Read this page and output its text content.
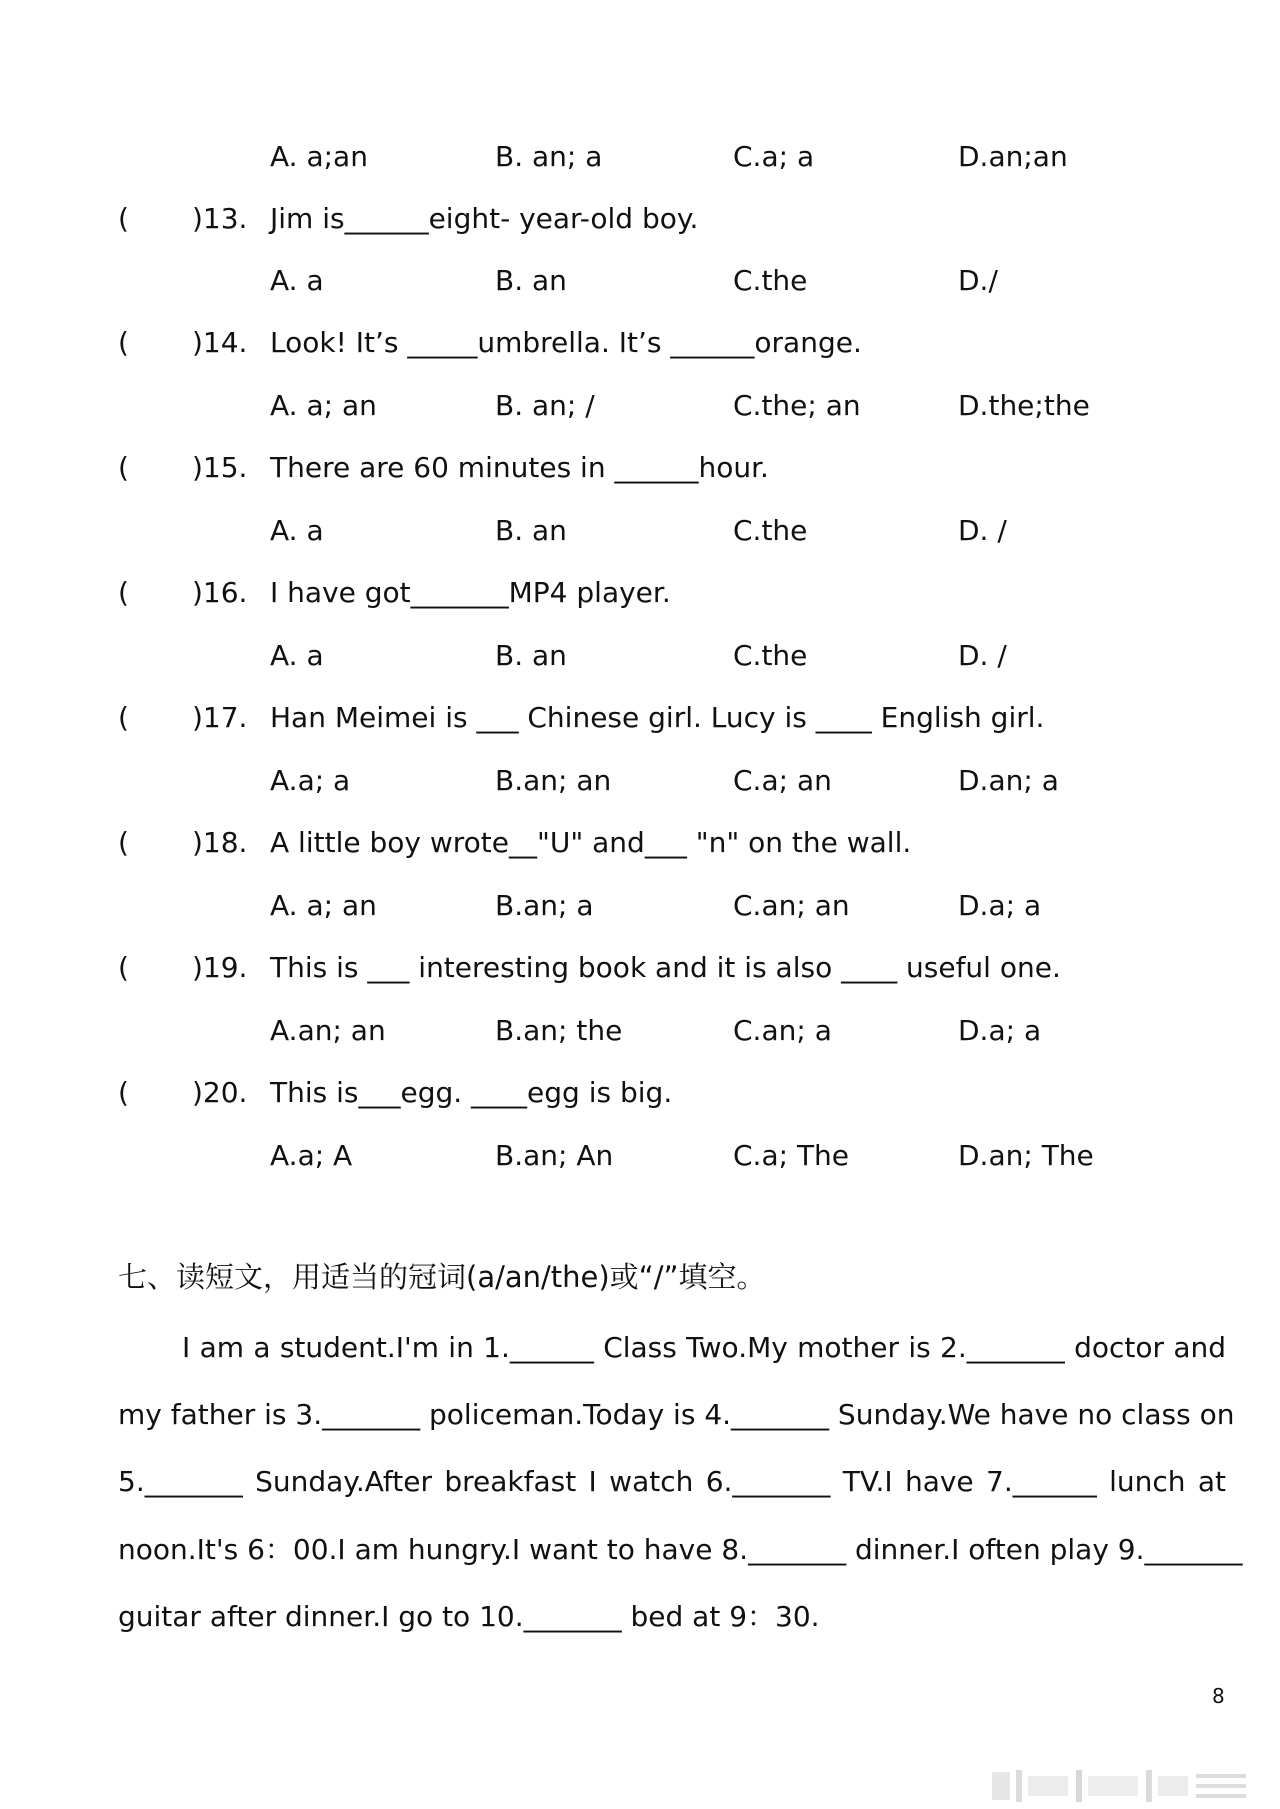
A. a;an	B. an; a	C.a; a	D.an;an
( )13. Jim is______eight- year-old boy.
A. a	B. an	C.the	D./
( )14. Look! It’s _____umbrella. It’s ______orange.
A. a; an	B. an; /	C.the; an	D.the;the
( )15. There are 60 minutes in ______hour.
A. a	B. an	C.the	D. /
( )16. I have got_______MP4 player.
A. a	B. an	C.the	D. /
( )17. Han Meimei is ___ Chinese girl. Lucy is ____ English girl.
A.a; a	B.an; an	C.a; an	D.an; a
( )18. A little boy wrote__"U" and___ "n" on the wall.
A. a; an	B.an; a	C.an; an	D.a; a
( )19. This is ___ interesting book and it is also ____ useful one.
A.an; an	B.an; the	C.an; a	D.a; a
( )20. This is___egg. ____egg is big.
A.a; A	B.an; An	C.a; The	D.an; The
七、读短文，用适当的冠词(a/an/the)或“/”填空。
I am a student.I'm in 1.______ Class Two.My mother is 2._______ doctor and
my father is 3._______ policeman.Today is 4._______ Sunday.We have no class on
5._______ Sunday.After breakfast I watch 6._______ TV.I have 7.______ lunch at
noon.It's 6：00.I am hungry.I want to have 8._______ dinner.I often play 9._______
guitar after dinner.I go to 10._______ bed at 9：30.
8
